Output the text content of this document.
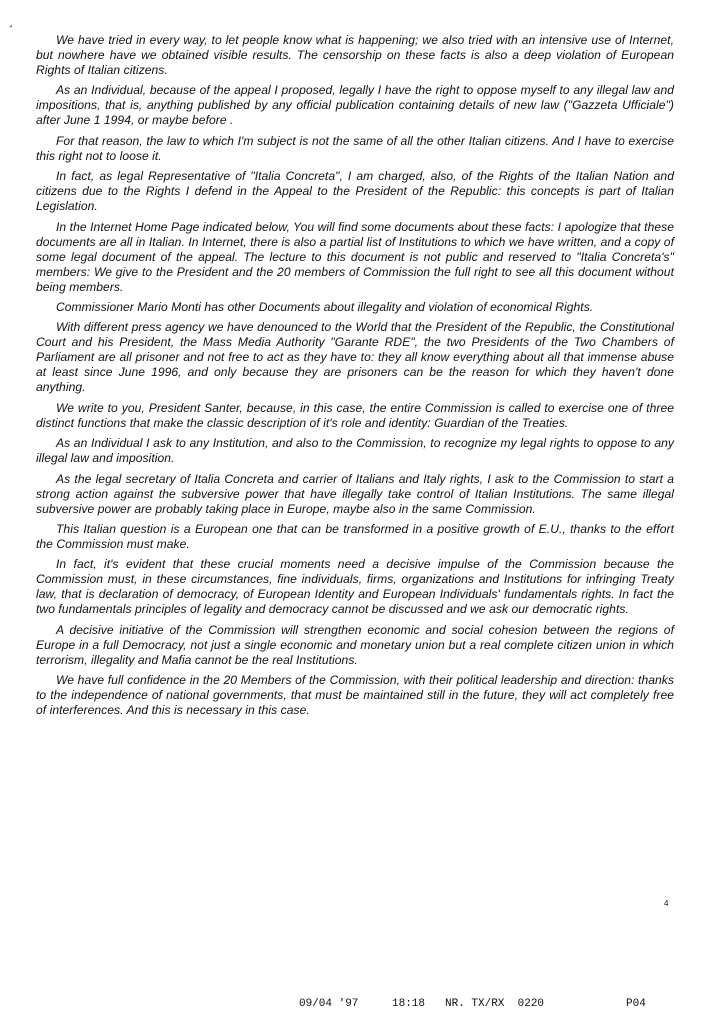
¸

We have tried in every way, to let people know what is happening; we also tried with an intensive use of Internet, but nowhere have we obtained visible results. The censorship on these facts is also a deep violation of European Rights of Italian citizens.

As an Individual, because of the appeal I proposed, legally I have the right to oppose myself to any illegal law and impositions, that is, anything published by any official publication containing details of new law ("Gazzeta Ufficiale") after June 1 1994, or maybe before .

For that reason, the law to which I'm subject is not the same of all the other Italian citizens. And I have to exercise this right not to loose it.

In fact, as legal Representative of "Italia Concreta", I am charged, also, of the Rights of the Italian Nation and citizens due to the Rights I defend in the Appeal to the President of the Republic: this concepts is part of Italian Legislation.

In the Internet Home Page indicated below, You will find some documents about these facts: I apologize that these documents are all in Italian. In Internet, there is also a partial list of Institutions to which we have written, and a copy of some legal document of the appeal. The lecture to this document is not public and reserved to "Italia Concreta's" members: We give to the President and the 20 members of Commission the full right to see all this document without being members.

Commissioner Mario Monti has other Documents about illegality and violation of economical Rights.

With different press agency we have denounced to the World that the President of the Republic, the Constitutional Court and his President, the Mass Media Authority "Garante RDE", the two Presidents of the Two Chambers of Parliament are all prisoner and not free to act as they have to: they all know everything about all that immense abuse at least since June 1996, and only because they are prisoners can be the reason for which they haven't done anything.

We write to you, President Santer, because, in this case, the entire Commission is called to exercise one of three distinct functions that make the classic description of it's role and identity: Guardian of the Treaties.

As an Individual I ask to any Institution, and also to the Commission, to recognize my legal rights to oppose to any illegal law and imposition.

As the legal secretary of Italia Concreta and carrier of Italians and Italy rights, I ask to the Commission to start a strong action against the subversive power that have illegally take control of Italian Institutions. The same illegal subversive power are probably taking place in Europe, maybe also in the same Commission.

This Italian question is a European one that can be transformed in a positive growth of E.U., thanks to the effort the Commission must make.

In fact, it's evident that these crucial moments need a decisive impulse of the Commission because the Commission must, in these circumstances, fine individuals, firms, organizations and Institutions for infringing Treaty law, that is declaration of democracy, of European Identity and European Individuals' fundamentals rights. In fact the two fundamentals principles of legality and democracy cannot be discussed and we ask our democratic rights.

A decisive initiative of the Commission will strengthen economic and social cohesion between the regions of Europe in a full Democracy, not just a single economic and monetary union but a real complete citizen union in which terrorism, illegality and Mafia cannot be the real Institutions.

We have full confidence in the 20 Members of the Commission, with their political leadership and direction: thanks to the independence of national governments, that must be maintained still in the future, they will act completely free of interferences. And this is necessary in this case.

4
09/04 '97	18:18 NR. TX/RX  0220	P04
